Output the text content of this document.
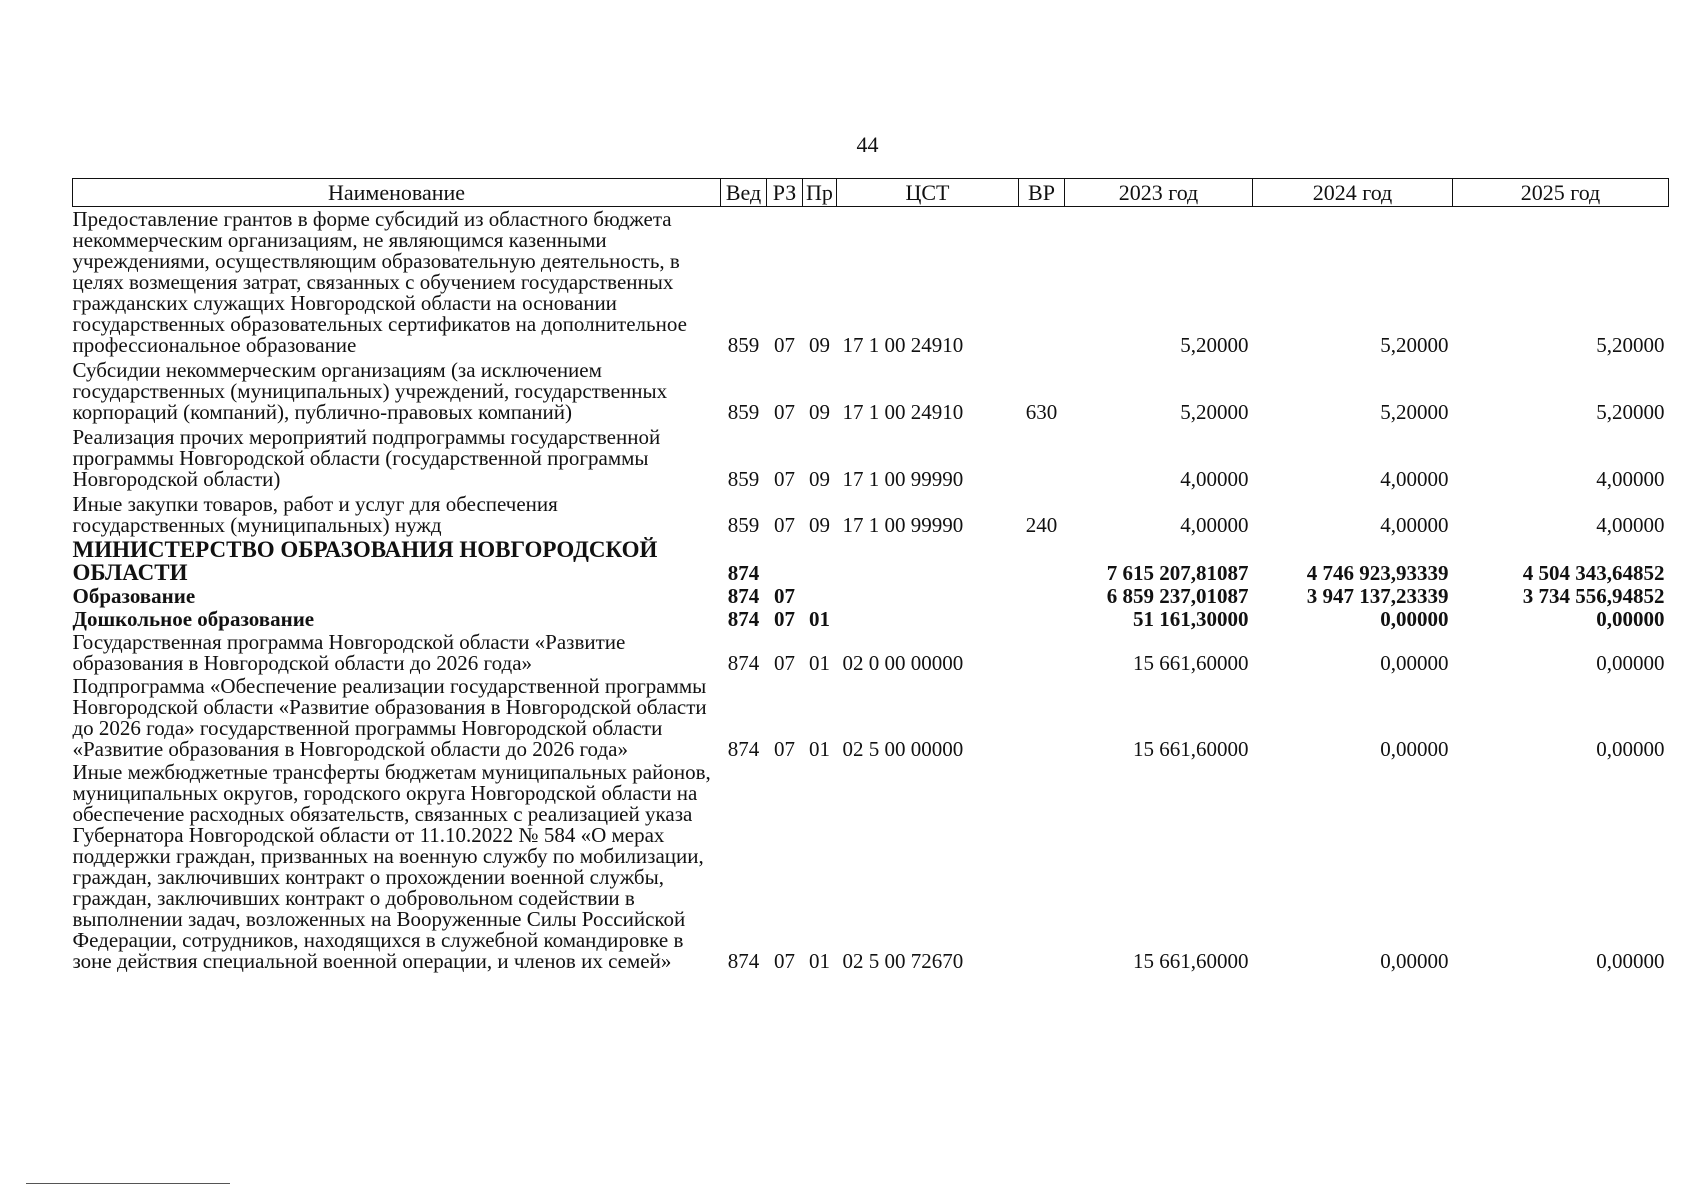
44
Наименование	Вед	РЗ	Пр	ЦСТ	ВР	2023 год	2024 год	2025 год
Предоставление грантов в форме субсидий из областного бюджета некоммерческим организациям, не являющимся казенными учреждениями, осуществляющим образовательную деятельность, в целях возмещения затрат, связанных с обучением государственных гражданских служащих Новгородской области на основании государственных образовательных сертификатов на дополнительное профессиональное образование	859	07	09	17 1 00 24910		5,20000	5,20000	5,20000
Субсидии некоммерческим организациям (за исключением государственных (муниципальных) учреждений, государственных корпораций (компаний), публично-правовых компаний)	859	07	09	17 1 00 24910	630	5,20000	5,20000	5,20000
Реализация прочих мероприятий подпрограммы государственной программы Новгородской области (государственной программы Новгородской области)	859	07	09	17 1 00 99990		4,00000	4,00000	4,00000
Иные закупки товаров, работ и услуг для обеспечения государственных (муниципальных) нужд	859	07	09	17 1 00 99990	240	4,00000	4,00000	4,00000
МИНИСТЕРСТВО ОБРАЗОВАНИЯ НОВГОРОДСКОЙ ОБЛАСТИ	874					7 615 207,81087	4 746 923,93339	4 504 343,64852
Образование	874	07				6 859 237,01087	3 947 137,23339	3 734 556,94852
Дошкольное образование	874	07	01			51 161,30000	0,00000	0,00000
Государственная программа Новгородской области «Развитие образования в Новгородской области до 2026 года»	874	07	01	02 0 00 00000		15 661,60000	0,00000	0,00000
Подпрограмма «Обеспечение реализации государственной программы Новгородской области «Развитие образования в Новгородской области до 2026 года» государственной программы Новгородской области «Развитие образования в Новгородской области до 2026 года»	874	07	01	02 5 00 00000		15 661,60000	0,00000	0,00000
Иные межбюджетные трансферты бюджетам муниципальных районов, муниципальных округов, городского округа Новгородской области на обеспечение расходных обязательств, связанных с реализацией указа Губернатора Новгородской области от 11.10.2022 № 584 «О мерах поддержки граждан, призванных на военную службу по мобилизации, граждан, заключивших контракт о прохождении военной службы, граждан, заключивших контракт о добровольном содействии в выполнении задач, возложенных на Вооруженные Силы Российской Федерации, сотрудников, находящихся в служебной командировке в зоне действия специальной военной операции, и членов их семей»	874	07	01	02 5 00 72670		15 661,60000	0,00000	0,00000
